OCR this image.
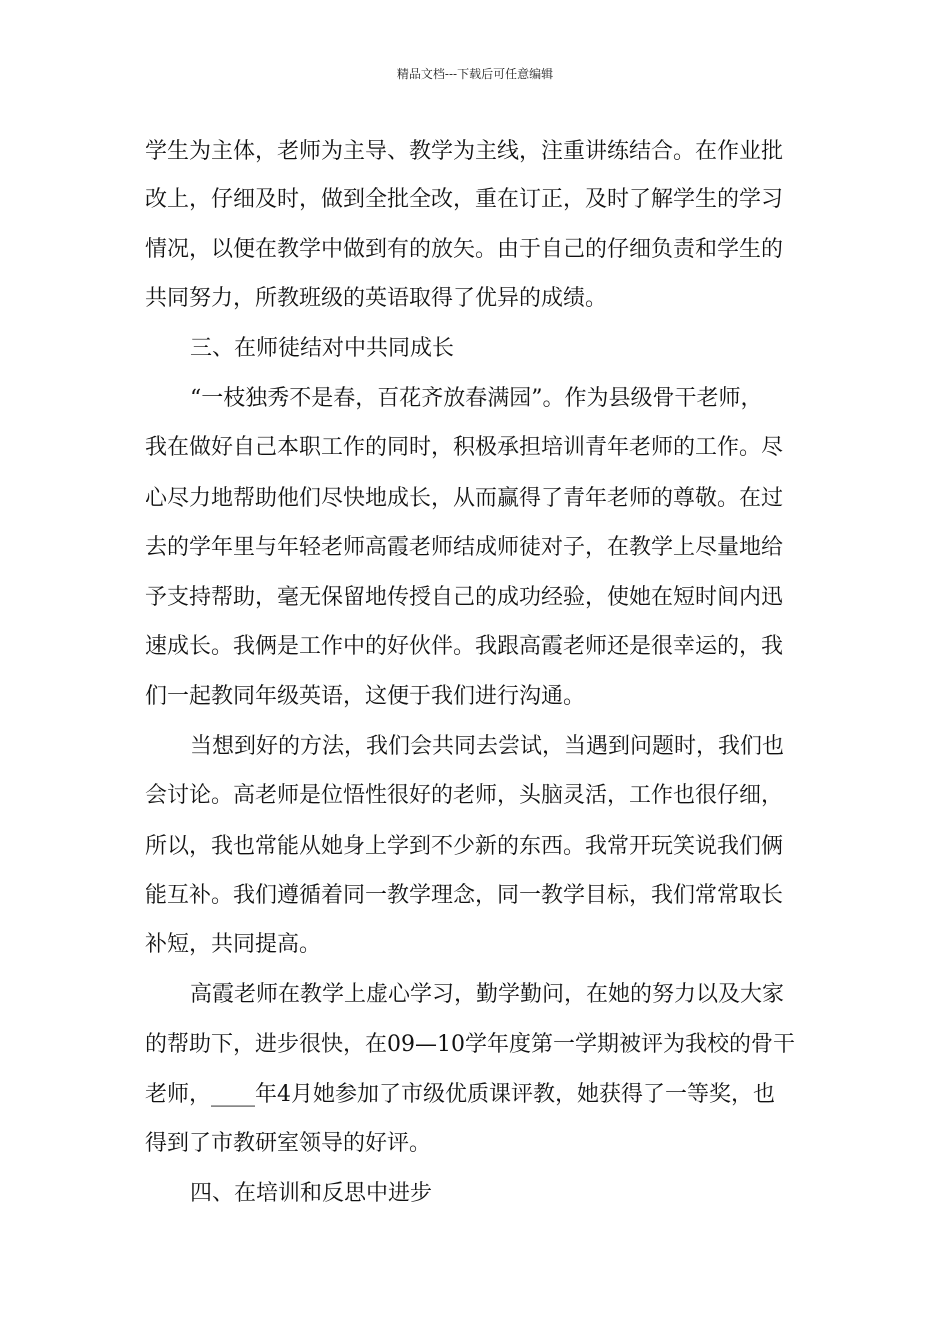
精品文档---下载后可任意编辑
学生为主体，老师为主导、教学为主线，注重讲练结合。在作业批
改上，仔细及时，做到全批全改，重在订正，及时了解学生的学习
情况，以便在教学中做到有的放矢。由于自己的仔细负责和学生的
共同努力，所教班级的英语取得了优异的成绩。
三、在师徒结对中共同成长
“一枝独秀不是春，百花齐放春满园”。作为县级骨干老师，
我在做好自己本职工作的同时，积极承担培训青年老师的工作。尽
心尽力地帮助他们尽快地成长，从而赢得了青年老师的尊敬。在过
去的学年里与年轻老师高霞老师结成师徒对子，在教学上尽量地给
予支持帮助，毫无保留地传授自己的成功经验，使她在短时间内迅
速成长。我俩是工作中的好伙伴。我跟高霞老师还是很幸运的，我
们一起教同年级英语，这便于我们进行沟通。
当想到好的方法，我们会共同去尝试，当遇到问题时，我们也
会讨论。高老师是位悟性很好的老师，头脑灵活，工作也很仔细，
所以，我也常能从她身上学到不少新的东西。我常开玩笑说我们俩
能互补。我们遵循着同一教学理念，同一教学目标，我们常常取长
补短，共同提高。
高霞老师在教学上虚心学习，勤学勤问，在她的努力以及大家
的帮助下，进步很快，在09—10学年度第一学期被评为我校的骨干
老师，____年4月她参加了市级优质课评教，她获得了一等奖，也
得到了市教研室领导的好评。
四、在培训和反思中进步
